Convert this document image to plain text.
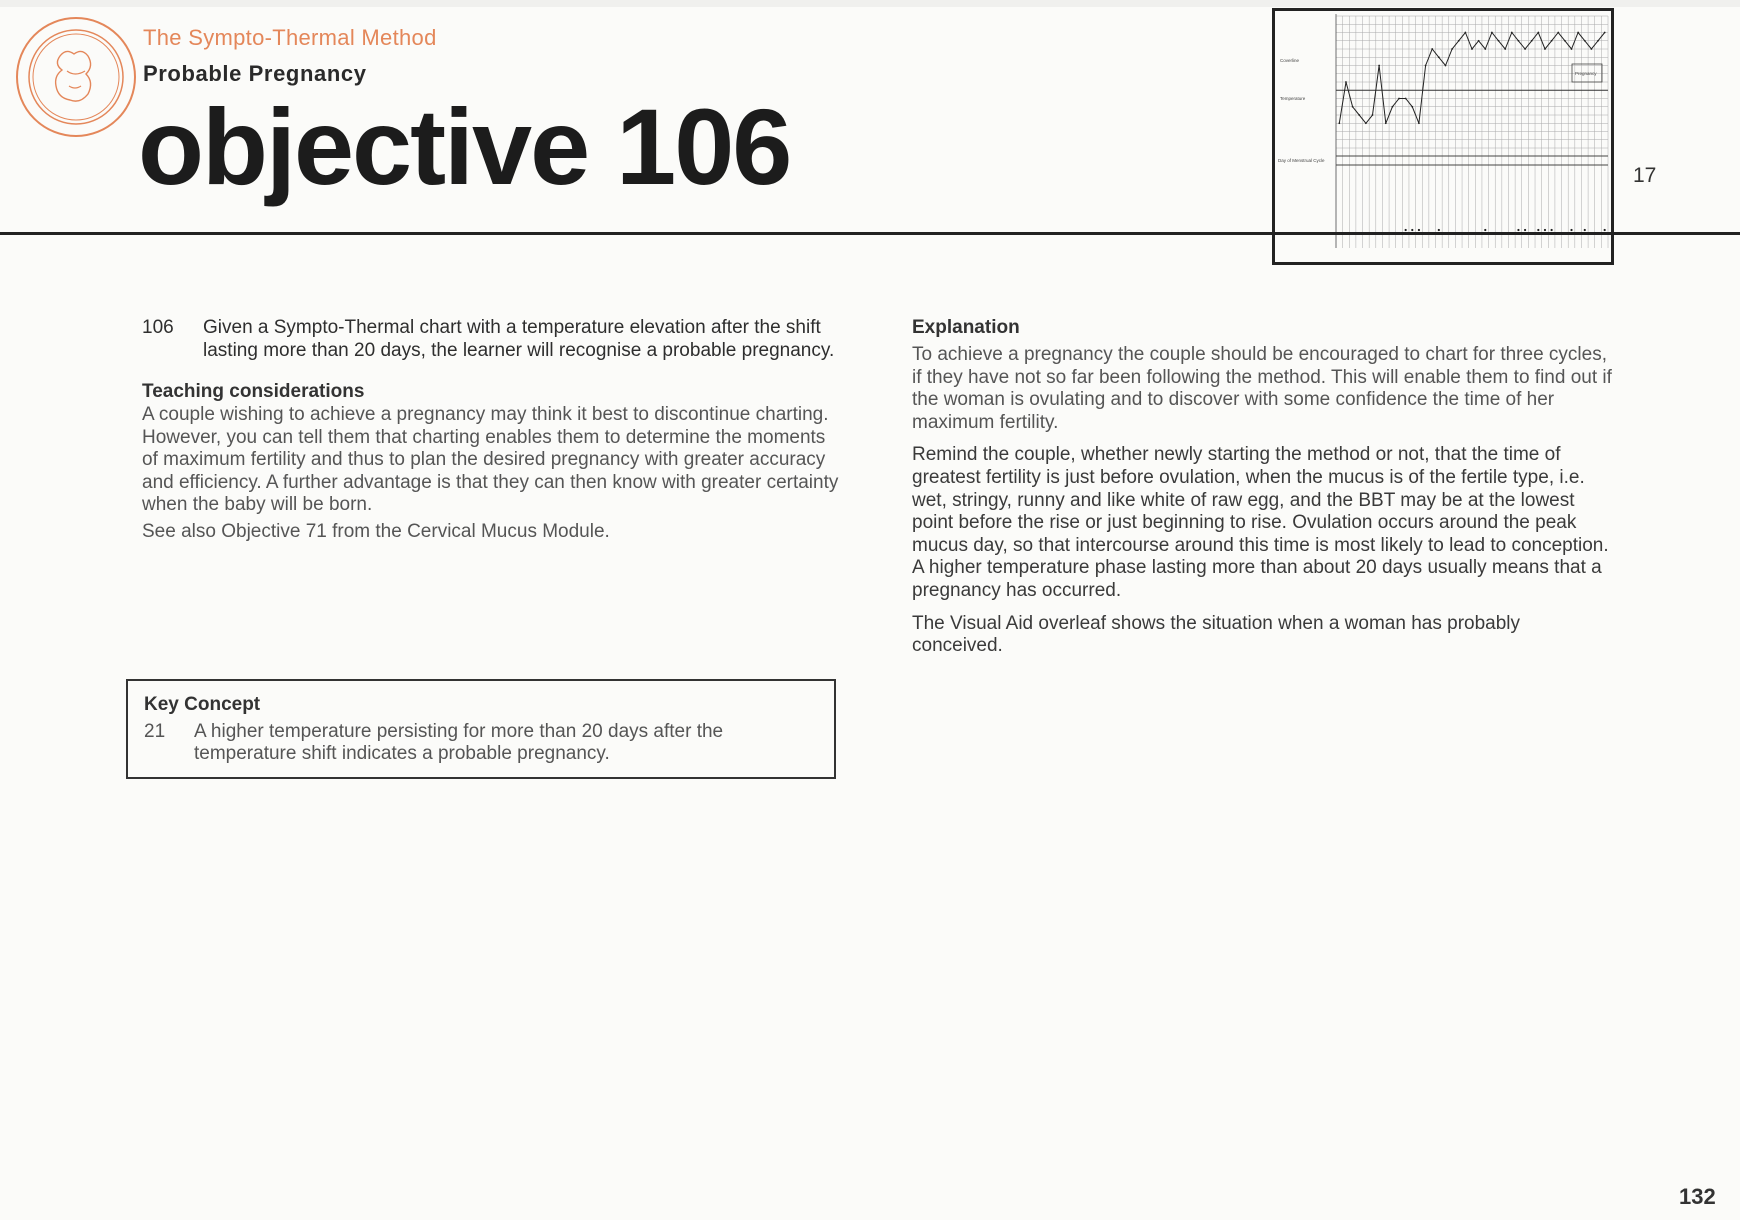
The Sympto-Thermal Method
Probable Pregnancy
objective 106
Coverline
Pregnancy
Day of Menstrual Cycle
Temperature
17
106	Given a Sympto-Thermal chart with a temperature elevation after the shift lasting more than 20 days, the learner will recognise a probable pregnancy.
Teaching considerations

A couple wishing to achieve a pregnancy may think it best to discontinue charting. However, you can tell them that charting enables them to determine the moments of maximum fertility and thus to plan the desired pregnancy with greater accuracy and efficiency. A further advantage is that they can then know with greater certainty when the baby will be born.

See also Objective 71 from the Cervical Mucus Module.

Key Concept
21	A higher temperature persisting for more than 20 days after the temperature shift indicates a probable pregnancy.
Explanation

To achieve a pregnancy the couple should be encouraged to chart for three cycles, if they have not so far been following the method. This will enable them to find out if the woman is ovulating and to discover with some confidence the time of her maximum fertility.

Remind the couple, whether newly starting the method or not, that the time of greatest fertility is just before ovulation, when the mucus is of the fertile type, i.e. wet, stringy, runny and like white of raw egg, and the BBT may be at the lowest point before the rise or just beginning to rise. Ovulation occurs around the peak mucus day, so that intercourse around this time is most likely to lead to conception. A higher temperature phase lasting more than about 20 days usually means that a pregnancy has occurred.

The Visual Aid overleaf shows the situation when a woman has probably conceived.

132
